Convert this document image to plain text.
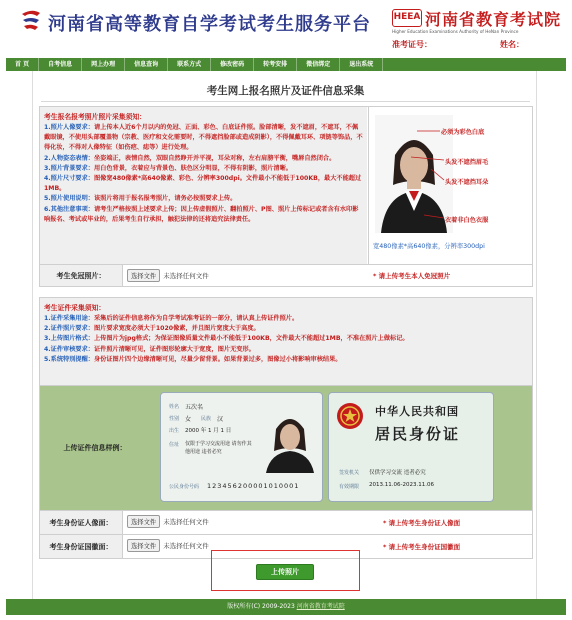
河南省高等教育自学考试考生服务平台	HEEA 河南省教育考试院
Higher Education Examinations Authority of HeNan Province
准考证号：	姓名：
首 页	自考信息	网上办理	信息查询	联系方式	修改密码	转考安排	微信绑定	退出系统
考生网上报名照片及证件信息采集
考生报名报考照片照片采集须知：
1.照片人像要求：请上传本人近6个月以内的免冠、正面、彩色、白底证件照。脸部清晰，发不遮眉，不遮耳，不佩戴眼镜，不使用头部覆盖物（宗教、医疗和文化需要时，不得遮挡脸部或造成阴影），不得佩戴耳环、项链等饰品，不得化妆，不得对人像特征（如伤疤、痣等）进行处理。
2.人物姿态表情：坐姿端正，表情自然，双眼自然睁开并平视，耳朵对称，左右肩膀平衡，嘴唇自然闭合。
3.照片背景要求：用白色背景，衣着应与背景色、肤色区分明显，不得有阴影，照片清晰。
4.照片尺寸要求：图像宽480像素*高640像素、彩色、分辨率300dpi。文件最小不能低于100KB，最大不能超过1MB。
5.照片使用说明：该照片将用于报名报考照片，请务必按照要求上传。
6.其他注意事项：请考生严格按照上述要求上传；因上传虚假照片、翻拍照片、P图、照片上传标记或者含有水印影响报名、考试或毕业的，后果考生自行承担，触犯法律的还将追究法律责任。
必须为彩色白底
头发不遮挡眉毛
头发不遮挡耳朵
衣着非白色衣服
宽480像素*高640像素，分辨率300dpi
考生免冠照片：	选择文件	未选择任何文件	* 请上传考生本人免冠照片
考生证件采集须知：
1.证件采集用途：采集后的证件信息将作为自学考试准考证的一部分，请认真上传证件照片。
2.证件照片要求：图片要求宽度必须大于1020像素，并且图片宽度大于高度。
3.上传图片格式：上传图片为jpg格式；为保证图像质量文件最小不能低于100KB，文件最大不能超过1MB，不准在照片上做标记。
4.证件审核要求：证件照片清晰可见，证件图形轮廓大于宽度，图片无变形。
5.系统特别提醒：身份证图片四个边缘清晰可见，尽量少留背景。如果背景过多，图像过小将影响审核结果。
上传证件信息样例：
姓名 五次名
性别 女 民族 汉
出生 2000 年 1 月 1 日
住址 仅限于学习交流用途 请勿作其他用途 违者必究
公民身份号码 123456200001010001
中华人民共和国
居民身份证
签发机关 仅供学习交流 违者必究
有效期限 2013.11.06-2023.11.06
考生身份证人像面：	选择文件	未选择任何文件	* 请上传考生身份证人像面
考生身份证国徽面：	选择文件	未选择任何文件	* 请上传考生身份证国徽面
上传照片
版权所有(C) 2009-2023 河南省教育考试院
